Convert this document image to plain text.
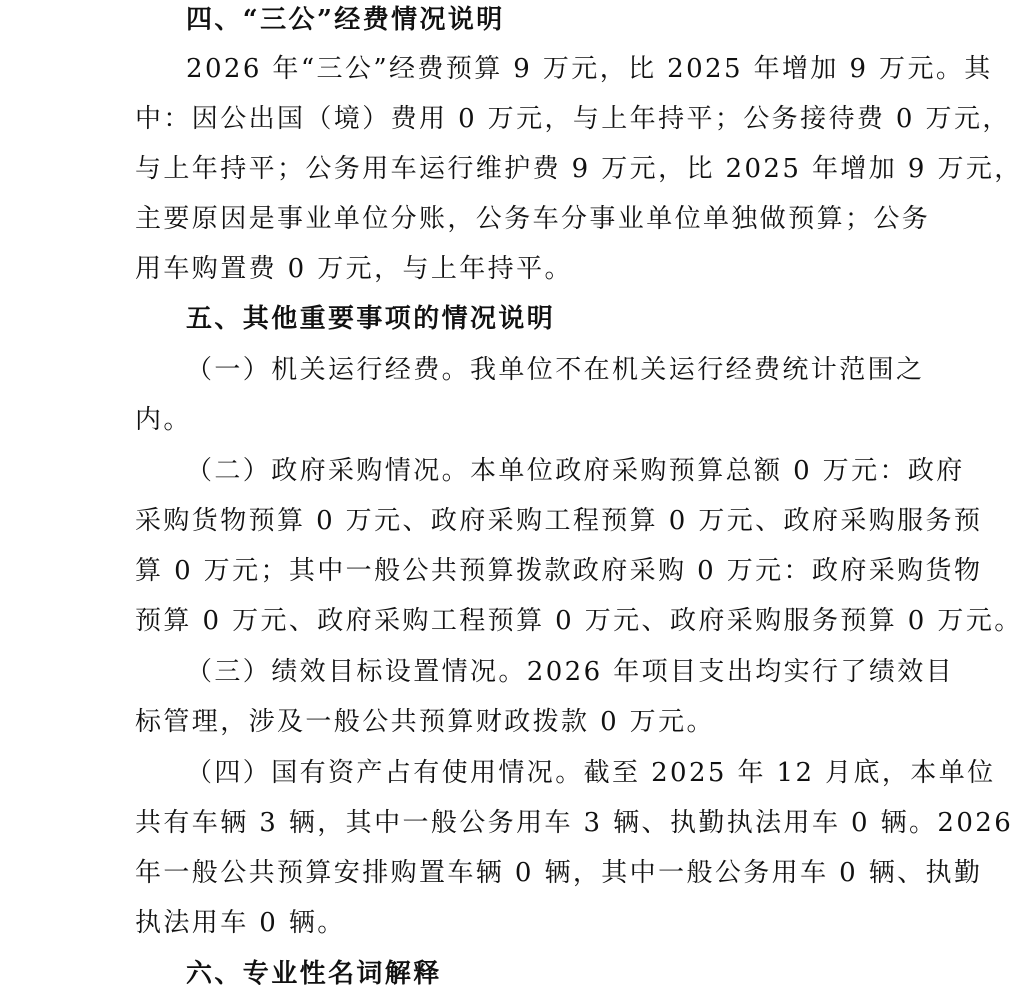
四、“三公”经费情况说明
2026 年“三公”经费预算 9 万元，比 2025 年增加 9 万元。其
中：因公出国（境）费用 0 万元，与上年持平；公务接待费 0 万元，
与上年持平；公务用车运行维护费 9 万元，比 2025 年增加 9 万元，
主要原因是事业单位分账，公务车分事业单位单独做预算；公务
用车购置费 0 万元，与上年持平。
五、其他重要事项的情况说明
（一）机关运行经费。我单位不在机关运行经费统计范围之
内。
（二）政府采购情况。本单位政府采购预算总额 0 万元：政府
采购货物预算 0 万元、政府采购工程预算 0 万元、政府采购服务预
算 0 万元；其中一般公共预算拨款政府采购 0 万元：政府采购货物
预算 0 万元、政府采购工程预算 0 万元、政府采购服务预算 0 万元。
（三）绩效目标设置情况。2026 年项目支出均实行了绩效目
标管理，涉及一般公共预算财政拨款 0 万元。
（四）国有资产占有使用情况。截至 2025 年 12 月底，本单位
共有车辆 3 辆，其中一般公务用车 3 辆、执勤执法用车 0 辆。2026
年一般公共预算安排购置车辆 0 辆，其中一般公务用车 0 辆、执勤
执法用车 0 辆。
六、专业性名词解释
